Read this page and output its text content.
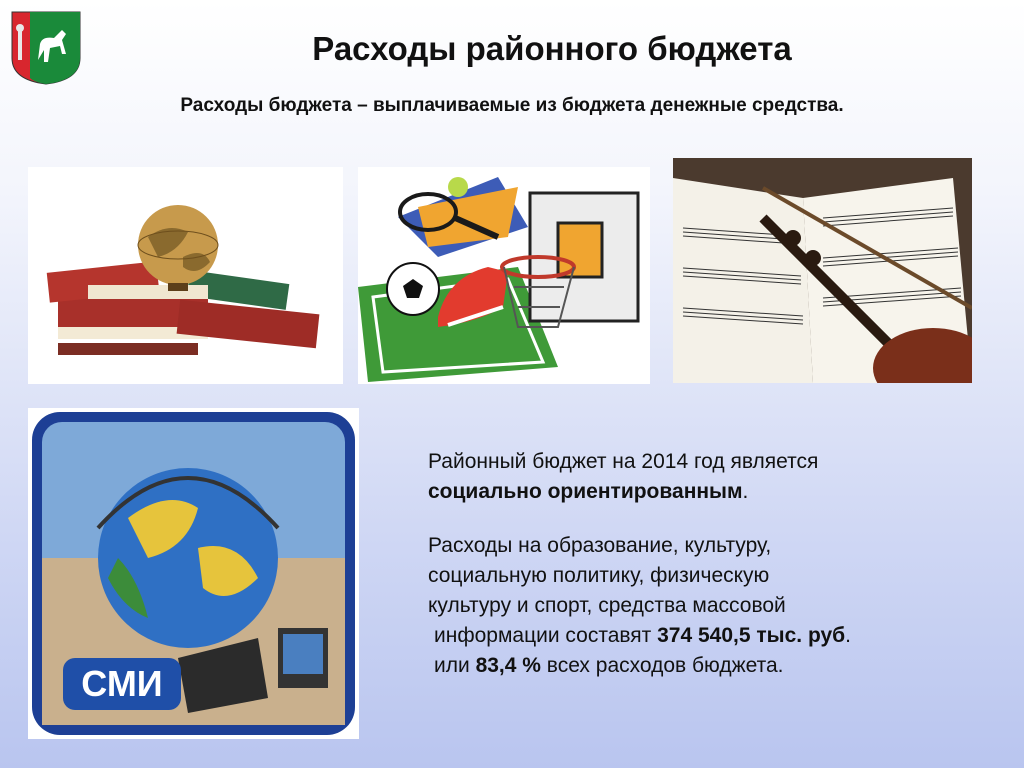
Расходы районного бюджета
Расходы бюджета – выплачиваемые из бюджета денежные средства.
СМИ

Районный бюджет на 2014 год является
социально ориентированным.

Расходы на образование, культуру,
социальную политику, физическую
культуру и спорт, средства массовой
информации составят 374 540,5 тыс. руб.
или 83,4 % всех расходов бюджета.
